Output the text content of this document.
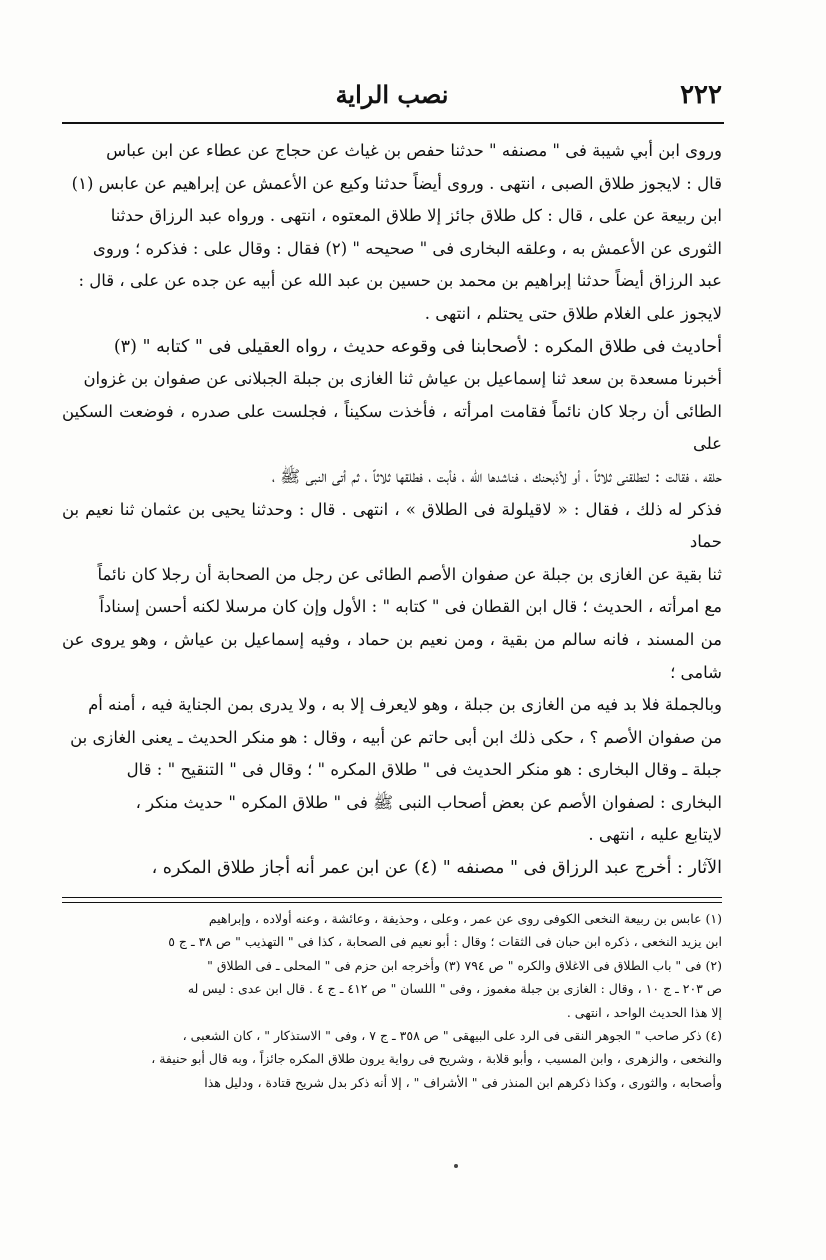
٢٢٢
نصب الراية

وروى ابن أبي شيبة فى " مصنفه " حدثنا حفص بن غياث عن حجاج عن عطاء عن ابن عباس

قال : لايجوز طلاق الصبى ، انتهى . وروى أيضاً حدثنا وكيع عن الأعمش عن إبراهيم عن عابس (١)

ابن ربيعة عن على ، قال : كل طلاق جائز إلا طلاق المعتوه ، انتهى . ورواه عبد الرزاق حدثنا

الثورى عن الأعمش به ، وعلقه البخارى فى " صحيحه " (٢) فقال : وقال على : فذكره ؛ وروى

عبد الرزاق أيضاً حدثنا إبراهيم بن محمد بن حسين بن عبد الله عن أبيه عن جده عن على ، قال :

لايجوز على الغلام طلاق حتى يحتلم ، انتهى .

أحاديث فى طلاق المكره : لأصحابنا فى وقوعه حديث ، رواه العقيلى فى " كتابه " (٣)

أخبرنا مسعدة بن سعد ثنا إسماعيل بن عياش ثنا الغازى بن جبلة الجبلانى عن صفوان بن غزوان

الطائى أن رجلا كان نائماً فقامت امرأته ، فأخذت سكيناً ، فجلست على صدره ، فوضعت السكين على

حلقه ، فقالت : لتطلقنى ثلاثاً ، أو لأذبحنك ، فناشدها الله ، فأبت ، فطلقها ثلاثاً ، ثم أتى النبى ﷺ ،

فذكر له ذلك ، فقال : « لاقيلولة فى الطلاق » ، انتهى . قال : وحدثنا يحيى بن عثمان ثنا نعيم بن حماد

ثنا بقية عن الغازى بن جبلة عن صفوان الأصم الطائى عن رجل من الصحابة أن رجلا كان نائماً

مع امرأته ، الحديث ؛ قال ابن القطان فى " كتابه " : الأول وإن كان مرسلا لكنه أحسن إسناداً

من المسند ، فانه سالم من بقية ، ومن نعيم بن حماد ، وفيه إسماعيل بن عياش ، وهو يروى عن شامى ؛

وبالجملة فلا بد فيه من الغازى بن جبلة ، وهو لايعرف إلا به ، ولا يدرى بمن الجناية فيه ، أمنه أم

من صفوان الأصم ؟ ، حكى ذلك ابن أبى حاتم عن أبيه ، وقال : هو منكر الحديث ـ يعنى الغازى بن

جبلة ـ وقال البخارى : هو منكر الحديث فى " طلاق المكره " ؛ وقال فى " التنقيح " : قال

البخارى : لصفوان الأصم عن بعض أصحاب النبى ﷺ فى " طلاق المكره " حديث منكر ،

لايتابع عليه ، انتهى .

الآثار : أخرج عبد الرزاق فى " مصنفه " (٤) عن ابن عمر أنه أجاز طلاق المكره ،

(١) عابس بن ربيعة النخعى الكوفى روى عن عمر ، وعلى ، وحذيفة ، وعائشة ، وعنه أولاده ، وإبراهيم

ابن يزيد النخعى ، ذكره ابن حبان فى الثقات ؛ وقال : أبو نعيم فى الصحابة ، كذا فى " التهذيب " ص ٣٨ ـ ج ٥

(٢) فى " باب الطلاق فى الاغلاق والكره " ص ٧٩٤ (٣) وأخرجه ابن حزم فى " المحلى ـ فى الطلاق "

ص ٢٠٣ ـ ج ١٠ ، وقال : الغازى بن جبلة مغموز ، وفى " اللسان " ص ٤١٢ ـ ج ٤ . قال ابن عدى : ليس له

إلا هذا الحديث الواحد ، انتهى .

(٤) ذكر صاحب " الجوهر النقى فى الرد على البيهقى " ص ٣٥٨ ـ ج ٧ ، وفى " الاستذكار " ، كان الشعبى ،

والنخعى ، والزهرى ، وابن المسيب ، وأبو قلابة ، وشريح فى رواية يرون طلاق المكره جائزاً ، وبه قال أبو حنيفة ،

وأصحابه ، والثورى ، وكذا ذكرهم ابن المنذر فى " الأشراف " ، إلا أنه ذكر بدل شريح قتادة ، ودليل هذا
